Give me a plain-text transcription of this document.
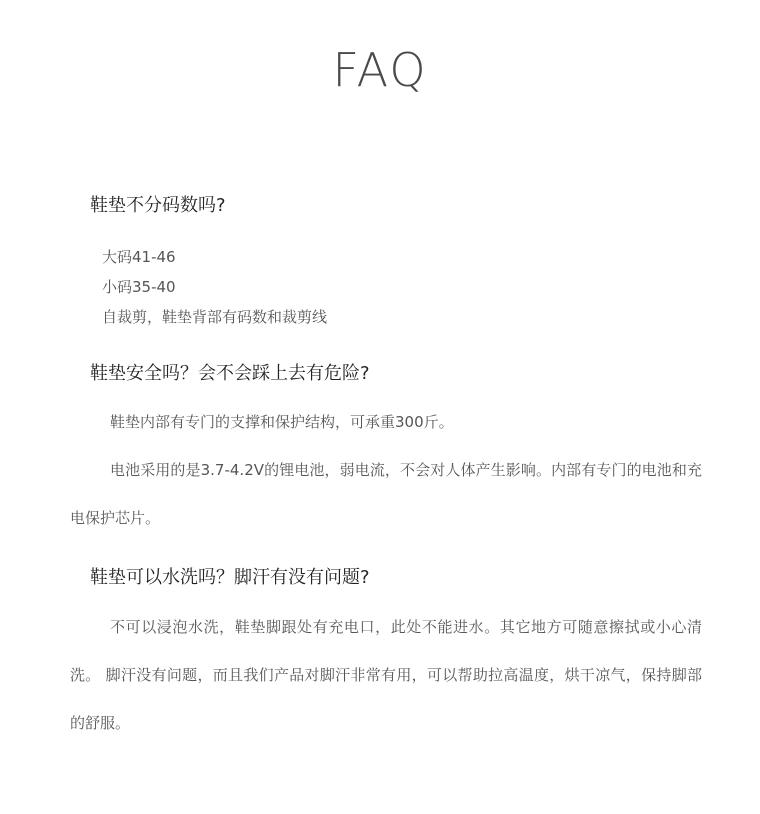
FAQ
鞋垫不分码数吗?
大码41-46
小码35-40
自裁剪，鞋垫背部有码数和裁剪线
鞋垫安全吗？会不会踩上去有危险?

鞋垫内部有专门的支撑和保护结构，可承重300斤。

电池采用的是3.7-4.2V的锂电池，弱电流，不会对人体产生影响。内部有专门的电池和充电保护芯片。

鞋垫可以水洗吗？脚汗有没有问题?

不可以浸泡水洗，鞋垫脚跟处有充电口，此处不能进水。其它地方可随意擦拭或小心清洗。 脚汗没有问题，而且我们产品对脚汗非常有用，可以帮助拉高温度，烘干凉气，保持脚部的舒服。
